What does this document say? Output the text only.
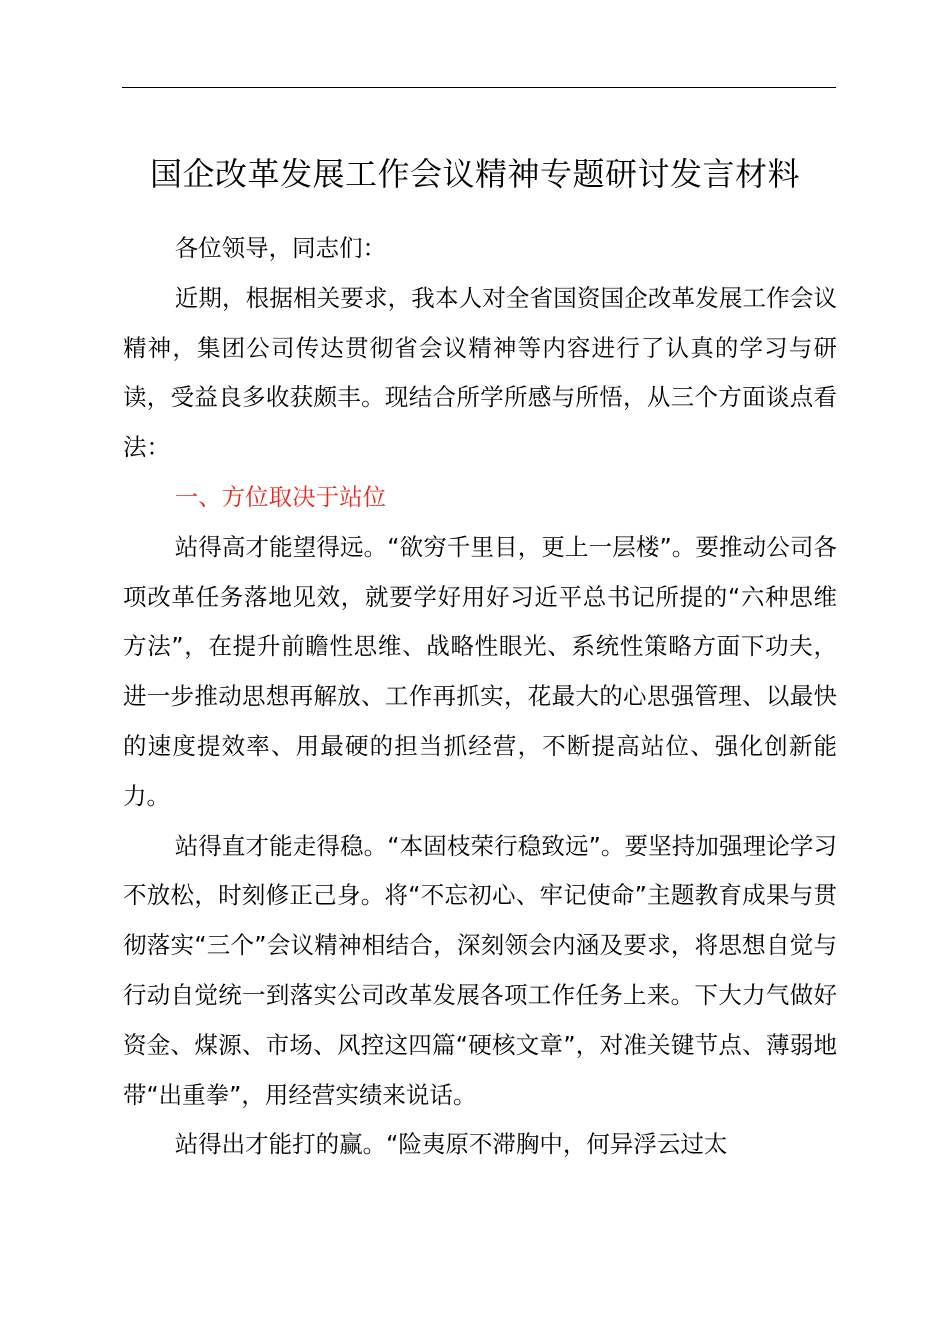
国企改革发展工作会议精神专题研讨发言材料

各位领导，同志们：

近期，根据相关要求，我本人对全省国资国企改革发展工作会议精神，集团公司传达贯彻省会议精神等内容进行了认真的学习与研读，受益良多收获颇丰。现结合所学所感与所悟，从三个方面谈点看法：

一、方位取决于站位

站得高才能望得远。“欲穷千里目，更上一层楼”。要推动公司各项改革任务落地见效，就要学好用好习近平总书记所提的“六种思维方法”，在提升前瞻性思维、战略性眼光、系统性策略方面下功夫，进一步推动思想再解放、工作再抓实，花最大的心思强管理、以最快的速度提效率、用最硬的担当抓经营，不断提高站位、强化创新能力。

站得直才能走得稳。“本固枝荣行稳致远”。要坚持加强理论学习不放松，时刻修正己身。将“不忘初心、牢记使命”主题教育成果与贯彻落实“三个”会议精神相结合，深刻领会内涵及要求，将思想自觉与行动自觉统一到落实公司改革发展各项工作任务上来。下大力气做好资金、煤源、市场、风控这四篇“硬核文章”，对准关键节点、薄弱地带“出重拳”，用经营实绩来说话。

站得出才能打的赢。“险夷原不滞胸中，何异浮云过太
